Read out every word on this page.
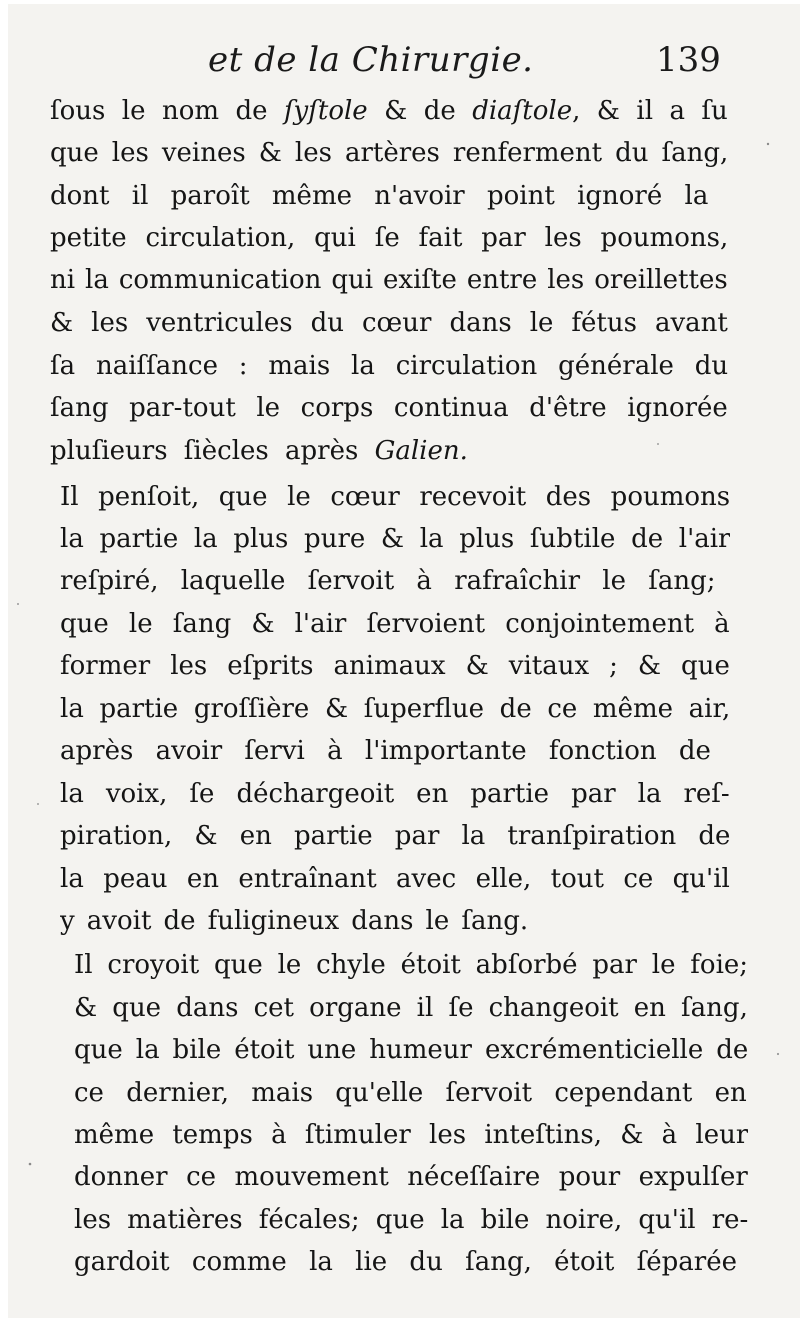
et de la Chirurgie.	139
ſous le nom de ſyſtole & de diaſtole, & il a ſu
que les veines & les artères renferment du ſang,
dont il paroît même n'avoir point ignoré la
petite circulation, qui ſe fait par les poumons,
ni la communication qui exiſte entre les oreillettes
& les ventricules du cœur dans le fétus avant
ſa naiſſance : mais la circulation générale du
ſang par-tout le corps continua d'être ignorée
pluſieurs ſiècles après Galien.
Il penſoit, que le cœur recevoit des poumons
la partie la plus pure & la plus ſubtile de l'air
reſpiré, laquelle ſervoit à rafraîchir le ſang;
que le ſang & l'air ſervoient conjointement à
former les eſprits animaux & vitaux ; & que
la partie groſſière & ſuperflue de ce même air,
après avoir ſervi à l'importante fonction de
la voix, ſe déchargeoit en partie par la reſ-
piration, & en partie par la tranſpiration de
la peau en entraînant avec elle, tout ce qu'il
y avoit de fuligineux dans le ſang.
Il croyoit que le chyle étoit abſorbé par le foie;
& que dans cet organe il ſe changeoit en ſang,
que la bile étoit une humeur excrémenticielle de
ce dernier, mais qu'elle ſervoit cependant en
même temps à ſtimuler les inteſtins, & à leur
donner ce mouvement néceſſaire pour expulſer
les matières fécales; que la bile noire, qu'il re-
gardoit comme la lie du ſang, étoit ſéparée
